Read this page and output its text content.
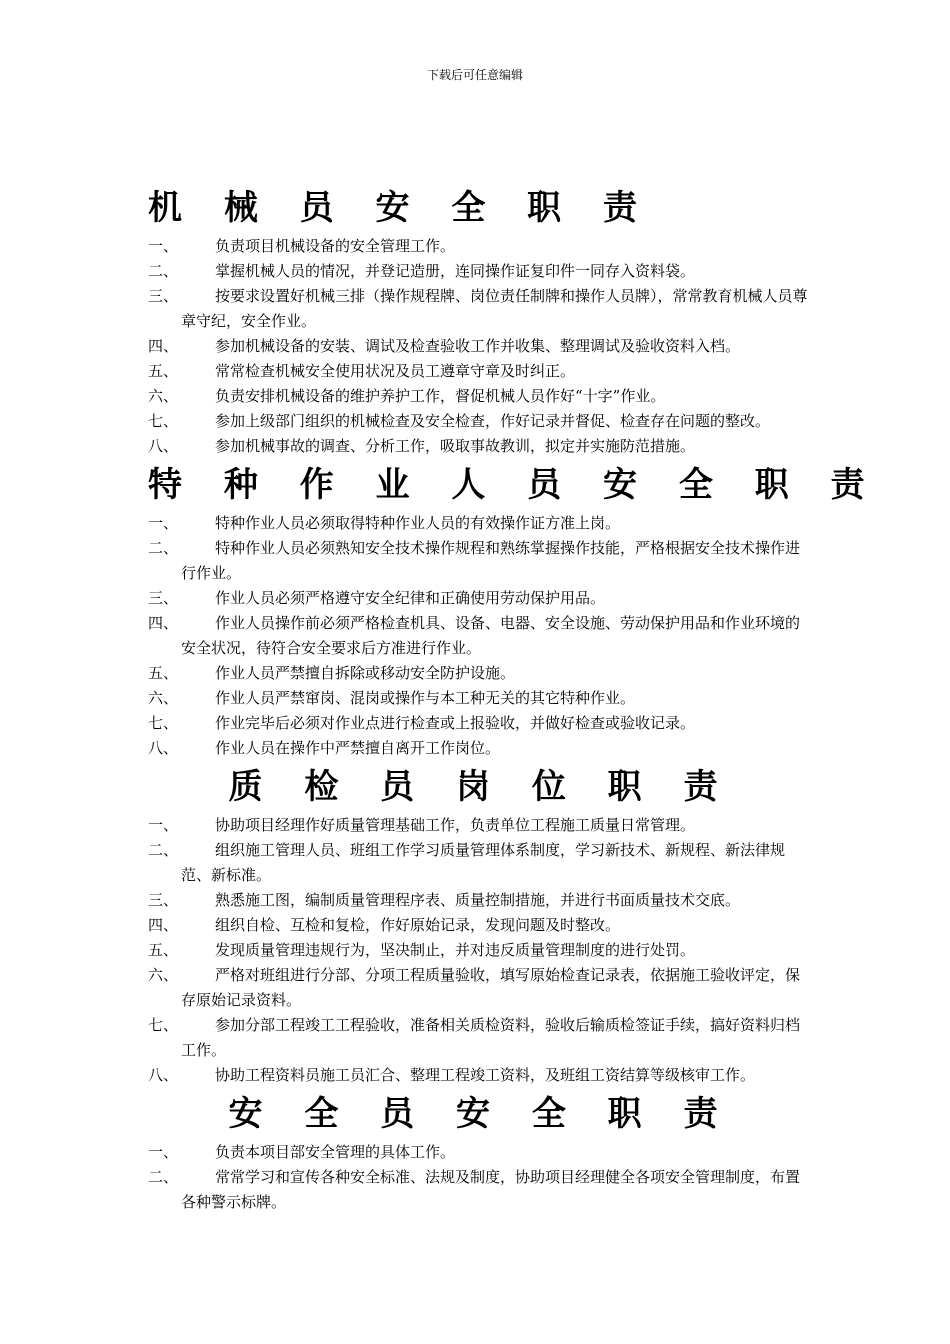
下载后可任意编辑
机 械 员 安 全 职 责
一、	负责项目机械设备的安全管理工作。
二、	掌握机械人员的情况，并登记造册，连同操作证复印件一同存入资料袋。
三、	按要求设置好机械三排（操作规程牌、岗位责任制牌和操作人员牌），常常教育机械人员尊章守纪，安全作业。
四、	参加机械设备的安装、调试及检查验收工作并收集、整理调试及验收资料入档。
五、	常常检查机械安全使用状况及员工遵章守章及时纠正。
六、	负责安排机械设备的维护养护工作，督促机械人员作好“十字”作业。
七、	参加上级部门组织的机械检查及安全检查，作好记录并督促、检查存在问题的整改。
八、	参加机械事故的调查、分析工作，吸取事故教训，拟定并实施防范措施。
特 种 作 业 人 员 安 全 职 责
一、	特种作业人员必须取得特种作业人员的有效操作证方准上岗。
二、	特种作业人员必须熟知安全技术操作规程和熟练掌握操作技能，严格根据安全技术操作进行作业。
三、	作业人员必须严格遵守安全纪律和正确使用劳动保护用品。
四、	作业人员操作前必须严格检查机具、设备、电器、安全设施、劳动保护用品和作业环境的安全状况，待符合安全要求后方准进行作业。
五、	作业人员严禁擅自拆除或移动安全防护设施。
六、	作业人员严禁窜岗、混岗或操作与本工种无关的其它特种作业。
七、	作业完毕后必须对作业点进行检查或上报验收，并做好检查或验收记录。
八、	作业人员在操作中严禁擅自离开工作岗位。
质 检 员 岗 位 职 责
一、	协助项目经理作好质量管理基础工作，负责单位工程施工质量日常管理。
二、	组织施工管理人员、班组工作学习质量管理体系制度，学习新技术、新规程、新法律规范、新标准。
三、	熟悉施工图，编制质量管理程序表、质量控制措施，并进行书面质量技术交底。
四、	组织自检、互检和复检，作好原始记录，发现问题及时整改。
五、	发现质量管理违规行为，坚决制止，并对违反质量管理制度的进行处罚。
六、	严格对班组进行分部、分项工程质量验收，填写原始检查记录表，依据施工验收评定，保存原始记录资料。
七、	参加分部工程竣工工程验收，准备相关质检资料，验收后输质检签证手续，搞好资料归档工作。
八、	协助工程资料员施工员汇合、整理工程竣工资料，及班组工资结算等级核审工作。
安 全 员 安 全 职 责
一、	负责本项目部安全管理的具体工作。
二、	常常学习和宣传各种安全标准、法规及制度，协助项目经理健全各项安全管理制度，布置各种警示标牌。
